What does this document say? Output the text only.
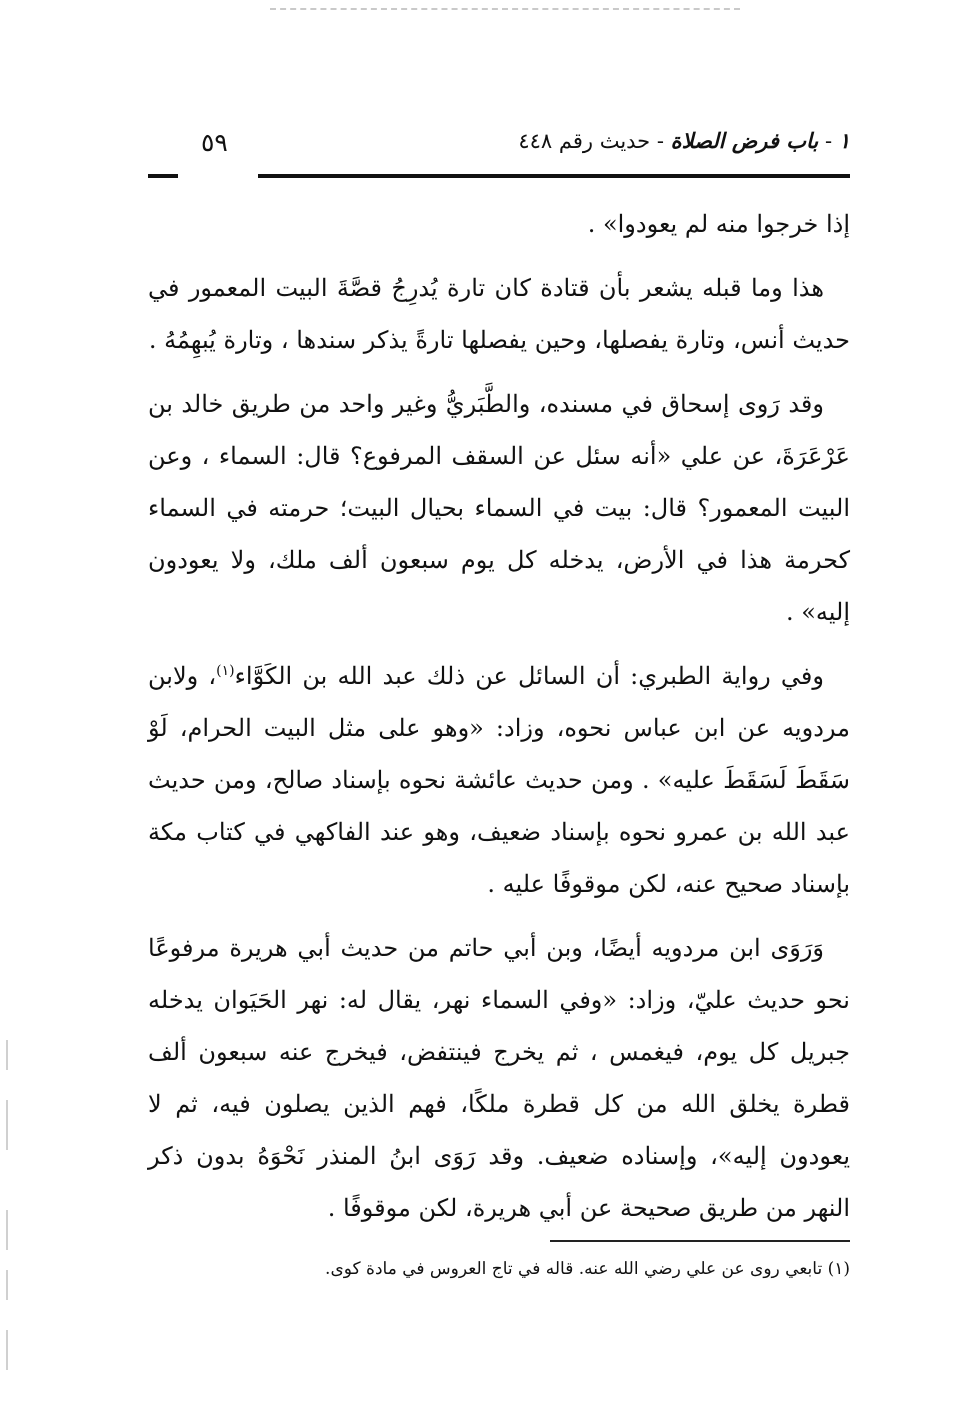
١ - باب فرض الصلاة - حديث رقم ٤٤٨
٥٩

إذا خرجوا منه لم يعودوا» .

هذا وما قبله يشعر بأن قتادة كان تارة يُدرِجُ قصَّةَ البيت المعمور في حديث أنس، وتارة يفصلها، وحين يفصلها تارةً يذكر سندها ، وتارة يُبهِمُهُ .

وقد رَوى إسحاق في مسنده، والطَّبَريُّ وغير واحد من طريق خالد بن عَرْعَرَةَ، عن علي «أنه سئل عن السقف المرفوع؟ قال: السماء ، وعن البيت المعمور؟ قال: بيت في السماء بحيال البيت؛ حرمته في السماء كحرمة هذا في الأرض، يدخله كل يوم سبعون ألف ملك، ولا يعودون إليه» .

وفي رواية الطبري: أن السائل عن ذلك عبد الله بن الكَوَّاء$^{(١)}$، ولابن مردويه عن ابن عباس نحوه، وزاد: «وهو على مثل البيت الحرام، لَوْ سَقَطَ لَسَقَطَ عليه» . ومن حديث عائشة نحوه بإسناد صالح، ومن حديث عبد الله بن عمرو نحوه بإسناد ضعيف، وهو عند الفاكهي في كتاب مكة بإسناد صحيح عنه، لكن موقوفًا عليه .

وَرَوَى ابن مردويه أيضًا، وبن أبي حاتم من حديث أبي هريرة مرفوعًا نحو حديث عليّ، وزاد: «وفي السماء نهر، يقال له: نهر الحَيَوان يدخله جبريل كل يوم، فيغمس ، ثم يخرج فينتفض، فيخرج عنه سبعون ألف قطرة يخلق الله من كل قطرة ملكًا، فهم الذين يصلون فيه، ثم لا يعودون إليه»، وإسناده ضعيف. وقد رَوَى ابنُ المنذر نَحْوَهُ بدون ذكر النهر من طريق صحيحة عن أبي هريرة، لكن موقوفًا .

(١) تابعي روى عن علي رضي الله عنه. قاله في تاج العروس في مادة كوى.
